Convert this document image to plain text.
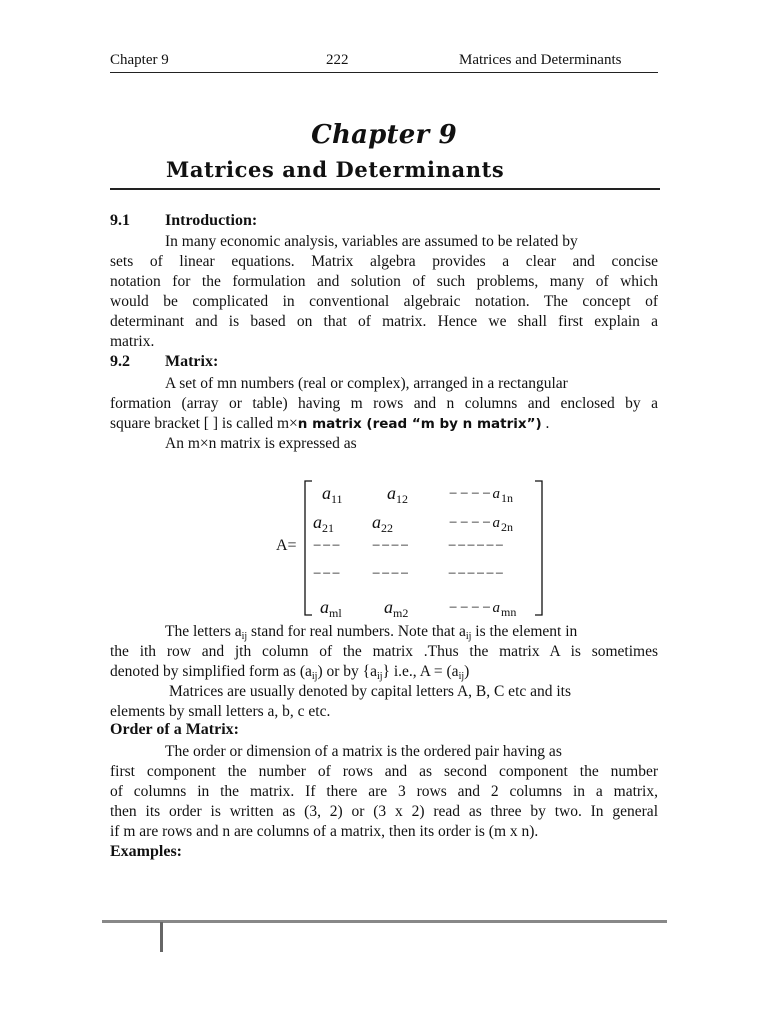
Chapter 9	222	Matrices and Determinants
Chapter 9
Matrices and Determinants
9.1 Introduction:
In many economic analysis, variables are assumed to be related by
sets of linear equations. Matrix algebra provides a clear and concise
notation for the formulation and solution of such problems, many of which
would be complicated in conventional algebraic notation. The concept of
determinant and is based on that of matrix. Hence we shall first explain a
matrix.
9.2 Matrix:
A set of mn numbers (real or complex), arranged in a rectangular
formation (array or table) having m rows and n columns and enclosed by a
square bracket [ ] is called m×n matrix (read “m by n matrix”) .
An m×n matrix is expressed as
A=
$a_{11}$ $a_{12}$	$----a_{1n}$
$a_{21}$ $a_{22}$	$----a_{2n}$
−−− −−−−	−−−−−−
−−− −−−−	−−−−−−
$a_{ml}$ $a_{m2}$	$----a_{mn}$
The letters $a_{ij}$ stand for real numbers. Note that $a_{ij}$ is the element in
the ith row and jth column of the matrix .Thus the matrix A is sometimes
denoted by simplified form as $(a_{ij})$ or by $\{a_{ij}\}$ i.e., $A = (a_{ij})$
Matrices are usually denoted by capital letters A, B, C etc and its
elements by small letters a, b, c etc.
Order of a Matrix:
The order or dimension of a matrix is the ordered pair having as
first component the number of rows and as second component the number
of columns in the matrix. If there are 3 rows and 2 columns in a matrix,
then its order is written as (3, 2) or (3 x 2) read as three by two. In general
if m are rows and n are columns of a matrix, then its order is (m x n).
Examples:
